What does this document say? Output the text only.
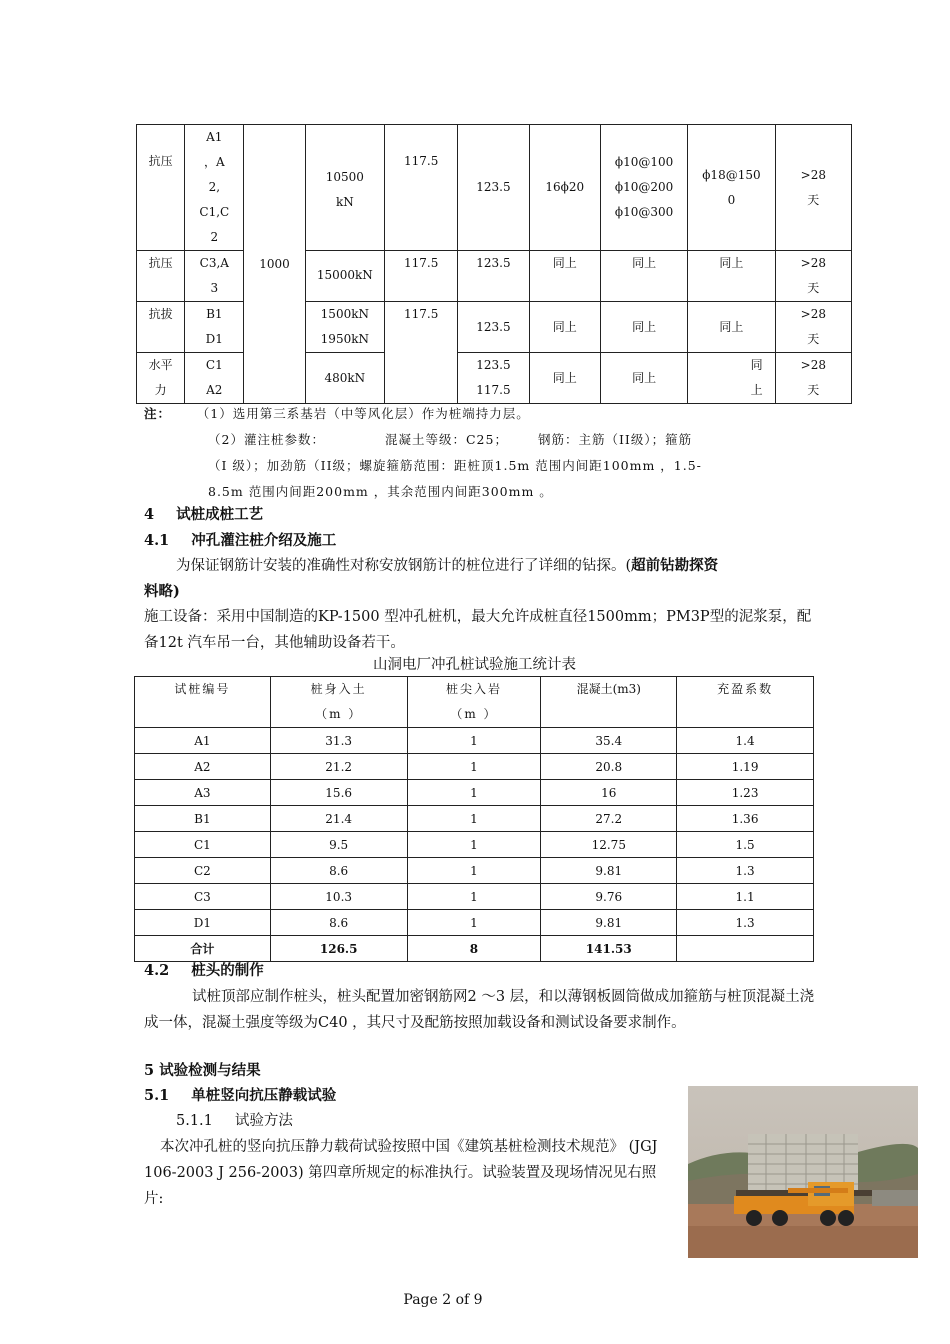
抗压	A1
，A
2,
C1,C
2	1000	10500
kN	117.5	123.5	16ϕ20	ϕ10@100
ϕ10@200
ϕ10@300	ϕ18@150
0	>28
天
抗压	C3,A
3		15000kN	117.5	123.5	同上	同上	同上	>28
天
抗拔	B1
D1		1500kN
1950kN	117.5	123.5	同上	同上	同上	>28
天
水平
力	C1
A2		480kN		123.5
117.5	同上	同上	同
上	>28
天
注：	（1）选用第三系基岩（中等风化层）作为桩端持力层。
（2）灌注桩参数：	混凝土等级：C25； 钢筋：主筋（II级）；箍筋
（I 级）；加劲筋（II级；螺旋箍筋范围：距桩顶1.5m 范围内间距100mm ，1.5-
8.5m 范围内间距200mm ，其余范围内间距300mm 。
4 试桩成桩工艺
4.1 冲孔灌注桩介绍及施工
为保证钢筋计安装的准确性对称安放钢筋计的桩位进行了详细的钻探。(超前钻勘探资
料略)
施工设备：采用中国制造的KP-1500 型冲孔桩机，最大允许成桩直径1500mm；PM3P型的泥浆泵，配备12t 汽车吊一台，其他辅助设备若干。
山洞电厂冲孔桩试验施工统计表
试桩编号	桩身入土
（m ）	桩尖入岩
（m ）	混凝土(m3)	充盈系数
A1	31.3	1	35.4	1.4
A2	21.2	1	20.8	1.19
A3	15.6	1	16	1.23
B1	21.4	1	27.2	1.36
C1	9.5	1	12.75	1.5
C2	8.6	1	9.81	1.3
C3	10.3	1	9.76	1.1
D1	8.6	1	9.81	1.3
合计	126.5	8	141.53	
4.2 桩头的制作
试桩顶部应制作桩头，桩头配置加密钢筋网2 ～3 层，和以薄钢板圆筒做成加箍筋与桩顶混凝土浇成一体，混凝土强度等级为C40 ，其尺寸及配筋按照加载设备和测试设备要求制作。
5 试验检测与结果
5.1 单桩竖向抗压静载试验
5.1.1 试验方法
本次冲孔桩的竖向抗压静力载荷试验按照中国《建筑基桩检测技术规范》 (JGJ 106-2003 J 256-2003) 第四章所规定的标准执行。试验装置及现场情况见右照片:
Page 2 of 9
